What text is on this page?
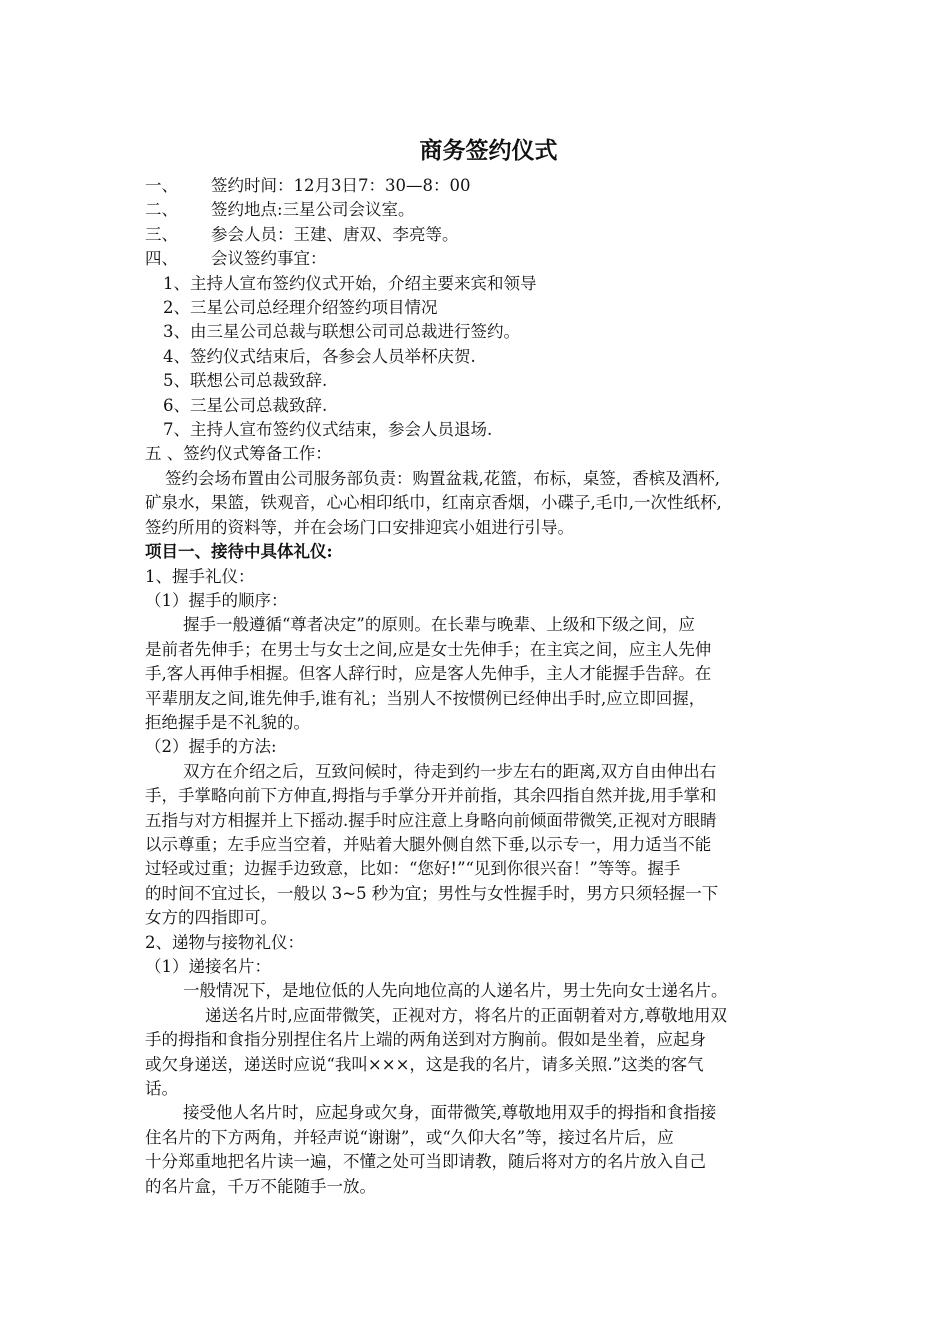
商务签约仪式

一、 签约时间：12月3日7：30—8：00

二、 签约地点:三星公司会议室。

三、 参会人员：王建、唐双、李亮等。

四、 会议签约事宜：

1、主持人宣布签约仪式开始，介绍主要来宾和领导

2、三星公司总经理介绍签约项目情况

3、由三星公司总裁与联想公司司总裁进行签约。

4、签约仪式结束后，各参会人员举杯庆贺.

5、联想公司总裁致辞.

6、三星公司总裁致辞.

7、主持人宣布签约仪式结束，参会人员退场.

五 、签约仪式筹备工作：

签约会场布置由公司服务部负责：购置盆栽,花篮，布标，桌签，香槟及酒杯,

矿泉水，果篮，铁观音，心心相印纸巾，红南京香烟，小碟子,毛巾,一次性纸杯,

签约所用的资料等，并在会场门口安排迎宾小姐进行引导。

项目一、接待中具体礼仪:

1、握手礼仪：

（1）握手的顺序：

握手一般遵循“尊者决定”的原则。在长辈与晚辈、上级和下级之间，应

是前者先伸手；在男士与女士之间,应是女士先伸手；在主宾之间，应主人先伸

手,客人再伸手相握。但客人辞行时，应是客人先伸手，主人才能握手告辞。在

平辈朋友之间,谁先伸手,谁有礼；当别人不按惯例已经伸出手时,应立即回握，

拒绝握手是不礼貌的。

（2）握手的方法:

双方在介绍之后，互致问候时，待走到约一步左右的距离,双方自由伸出右

手，手掌略向前下方伸直,拇指与手掌分开并前指，其余四指自然并拢,用手掌和

五指与对方相握并上下摇动.握手时应注意上身略向前倾面带微笑,正视对方眼睛

以示尊重；左手应当空着，并贴着大腿外侧自然下垂,以示专一，用力适当不能

过轻或过重；边握手边致意，比如：“您好!”“见到你很兴奋！”等等。握手

的时间不宜过长，一般以 3~5 秒为宜；男性与女性握手时，男方只须轻握一下

女方的四指即可。

2、递物与接物礼仪：

（1）递接名片：

一般情况下，是地位低的人先向地位高的人递名片，男士先向女士递名片。

递送名片时,应面带微笑，正视对方，将名片的正面朝着对方,尊敬地用双

手的拇指和食指分别捏住名片上端的两角送到对方胸前。假如是坐着，应起身

或欠身递送，递送时应说“我叫×××，这是我的名片，请多关照.”这类的客气

话。

接受他人名片时，应起身或欠身，面带微笑,尊敬地用双手的拇指和食指接

住名片的下方两角，并轻声说“谢谢”，或“久仰大名”等，接过名片后，应

十分郑重地把名片读一遍，不懂之处可当即请教，随后将对方的名片放入自己

的名片盒，千万不能随手一放。
